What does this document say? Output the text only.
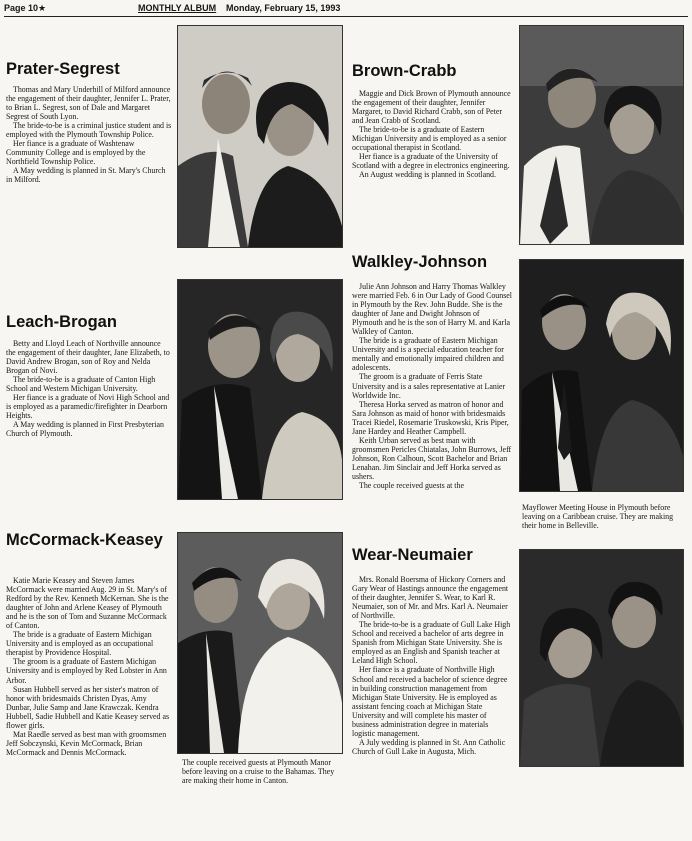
Page 10★	MONTHLY ALBUM Monday, February 15, 1993
Prater-Segrest

Thomas and Mary Underhill of Milford announce the engagement of their daughter, Jennifer L. Prater, to Brian L. Segrest, son of Dale and Margaret Segrest of South Lyon.

The bride-to-be is a criminal justice student and is employed with the Plymouth Township Police.

Her fiance is a graduate of Washtenaw Community College and is employed by the Northfield Township Police.

A May wedding is planned in St. Mary's Church in Milford.

Brown-Crabb

Maggie and Dick Brown of Plymouth announce the engagement of their daughter, Jennifer Margaret, to David Richard Crabb, son of Peter and Jean Crabb of Scotland.

The bride-to-be is a graduate of Eastern Michigan University and is employed as a senior occupational therapist in Scotland.

Her fiance is a graduate of the University of Scotland with a degree in electronics engineering.

An August wedding is planned in Scotland.

Walkley-Johnson

Julie Ann Johnson and Harry Thomas Walkley were married Feb. 6 in Our Lady of Good Counsel in Plymouth by the Rev. John Budde. She is the daughter of Jane and Dwight Johnson of Plymouth and he is the son of Harry M. and Karla Walkley of Canton.

The bride is a graduate of Eastern Michigan University and is a special education teacher for mentally and emotionally impaired children and adolescents.

The groom is a graduate of Ferris State University and is a sales representative at Lanier Worldwide Inc.

Theresa Horka served as matron of honor and Sara Johnson as maid of honor with bridesmaids Tracei Riedel, Rosemarie Truskowski, Kris Piper, Jane Hardey and Heather Campbell.

Keith Urban served as best man with groomsmen Pericles Chiatalas, John Burrows, Jeff Johnson, Ron Calhoun, Scott Bachelor and Brian Lenahan. Jim Sinclair and Jeff Horka served as ushers.

The couple received guests at the

Mayflower Meeting House in Plymouth before leaving on a Caribbean cruise. They are making their home in Belleville.
Leach-Brogan

Betty and Lloyd Leach of Northville announce the engagement of their daughter, Jane Elizabeth, to David Andrew Brogan, son of Roy and Nelda Brogan of Novi.

The bride-to-be is a graduate of Canton High School and Western Michigan University.

Her fiance is a graduate of Novi High School and is employed as a paramedic/firefighter in Dearborn Heights.

A May wedding is planned in First Presbyterian Church of Plymouth.

McCormack-Keasey

Katie Marie Keasey and Steven James McCormack were married Aug. 29 in St. Mary's of Redford by the Rev. Kenneth McKernan. She is the daughter of John and Arlene Keasey of Plymouth and he is the son of Tom and Suzanne McCormack of Canton.

The bride is a graduate of Eastern Michigan University and is employed as an occupational therapist by Providence Hospital.

The groom is a graduate of Eastern Michigan University and is employed by Red Lobster in Ann Arbor.

Susan Hubbell served as her sister's matron of honor with bridesmaids Christen Dyas, Amy Dunbar, Julie Samp and Jane Krawczak. Kendra Hubbell, Sadie Hubbell and Katie Keasey served as flower girls.

Mat Raedle served as best man with groomsmen Jeff Sobczynski, Kevin McCormack, Brian McCormack and Dennis McCormack.

The couple received guests at Plymouth Manor before leaving on a cruise to the Bahamas. They are making their home in Canton.
Wear-Neumaier

Mrs. Ronald Boersma of Hickory Corners and Gary Wear of Hastings announce the engagement of their daughter, Jennifer S. Wear, to Karl R. Neumaier, son of Mr. and Mrs. Karl A. Neumaier of Northville.

The bride-to-be is a graduate of Gull Lake High School and received a bachelor of arts degree in Spanish from Michigan State University. She is employed as an English and Spanish teacher at Leland High School.

Her fiance is a graduate of Northville High School and received a bachelor of science degree in building construction management from Michigan State University. He is employed as assistant fencing coach at Michigan State University and will complete his master of business administration degree in materials logistic management.

A July wedding is planned in St. Ann Catholic Church of Gull Lake in Augusta, Mich.
